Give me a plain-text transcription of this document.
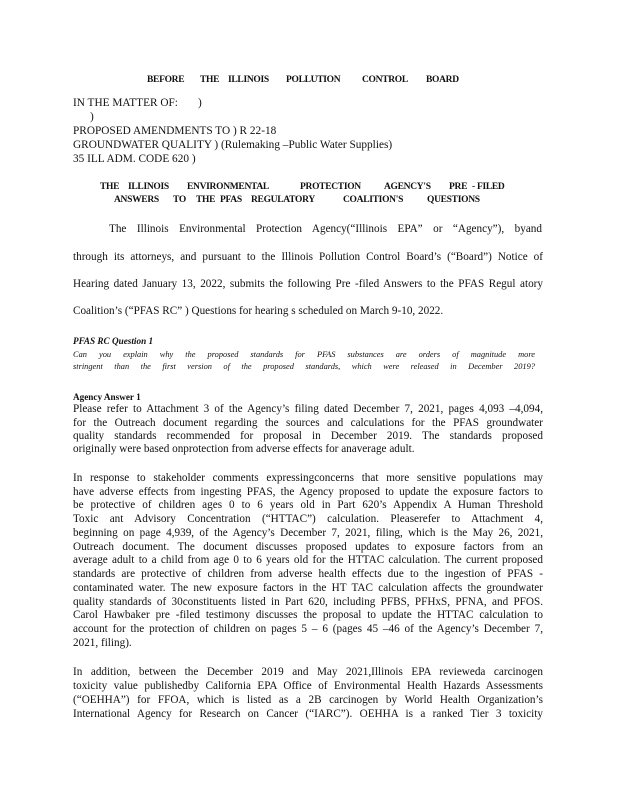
BEFORE THE ILLINOIS POLLUTION CONTROL BOARD
IN THE MATTER OF: )
)
PROPOSED AMENDMENTS TO ) R 22-18
GROUNDWATER QUALITY ) (Rulemaking –Public Water Supplies)
35 ILL ADM. CODE 620 )
THE ILLINOIS ENVIRONMENTAL	PROTECTION AGENCY'S PRE - FILED
ANSWERS TO THE PFAS REGULATORY	COALITION'S	QUESTIONS
The Illinois Environmental Protection Agency(“Illinois EPA” or “Agency”), byand
through its attorneys, and pursuant to the Illinois Pollution Control Board’s (“Board”) Notice of
Hearing dated January 13, 2022, submits the following Pre -filed Answers to the PFAS Regul atory
Coalition’s (“PFAS RC” ) Questions for hearing s scheduled on March 9-10, 2022.
PFAS RC Question 1
Can you explain why the proposed standards for PFAS substances are orders of magnitude more
stringent than the first version of the proposed standards, which were released in December 2019?
Agency Answer 1
Please refer to Attachment 3 of the Agency’s filing dated December 7, 2021, pages 4,093 –4,094,
for the Outreach document regarding the sources and calculations for the PFAS groundwater
quality standards recommended for proposal in December 2019. The standards proposed
originally were based onprotection from adverse effects for anaverage adult.
In response to stakeholder comments expressingconcerns that more sensitive populations may
have adverse effects from ingesting PFAS, the Agency proposed to update the exposure factors to
be protective of children ages 0 to 6 years old in Part 620’s Appendix A Human Threshold
Toxic ant Advisory Concentration (“HTTAC”) calculation. Pleaserefer to Attachment 4,
beginning on page 4,939, of the Agency’s December 7, 2021, filing, which is the May 26, 2021,
Outreach document. The document discusses proposed updates to exposure factors from an
average adult to a child from age 0 to 6 years old for the HTTAC calculation. The current proposed
standards are protective of children from adverse health effects due to the ingestion of PFAS -
contaminated water. The new exposure factors in the HT TAC calculation affects the groundwater
quality standards of 30constituents listed in Part 620, including PFBS, PFHxS, PFNA, and PFOS.
Carol Hawbaker pre -filed testimony discusses the proposal to update the HTTAC calculation to
account for the protection of children on pages 5 – 6 (pages 45 –46 of the Agency’s December 7,
2021, filing).
In addition, between the December 2019 and May 2021,Illinois EPA revieweda carcinogen
toxicity value publishedby California EPA Office of Environmental Health Hazards Assessments
(“OEHHA”) for FFOA, which is listed as a 2B carcinogen by World Health Organization’s
International Agency for Research on Cancer (“IARC”). OEHHA is a ranked Tier 3 toxicity
